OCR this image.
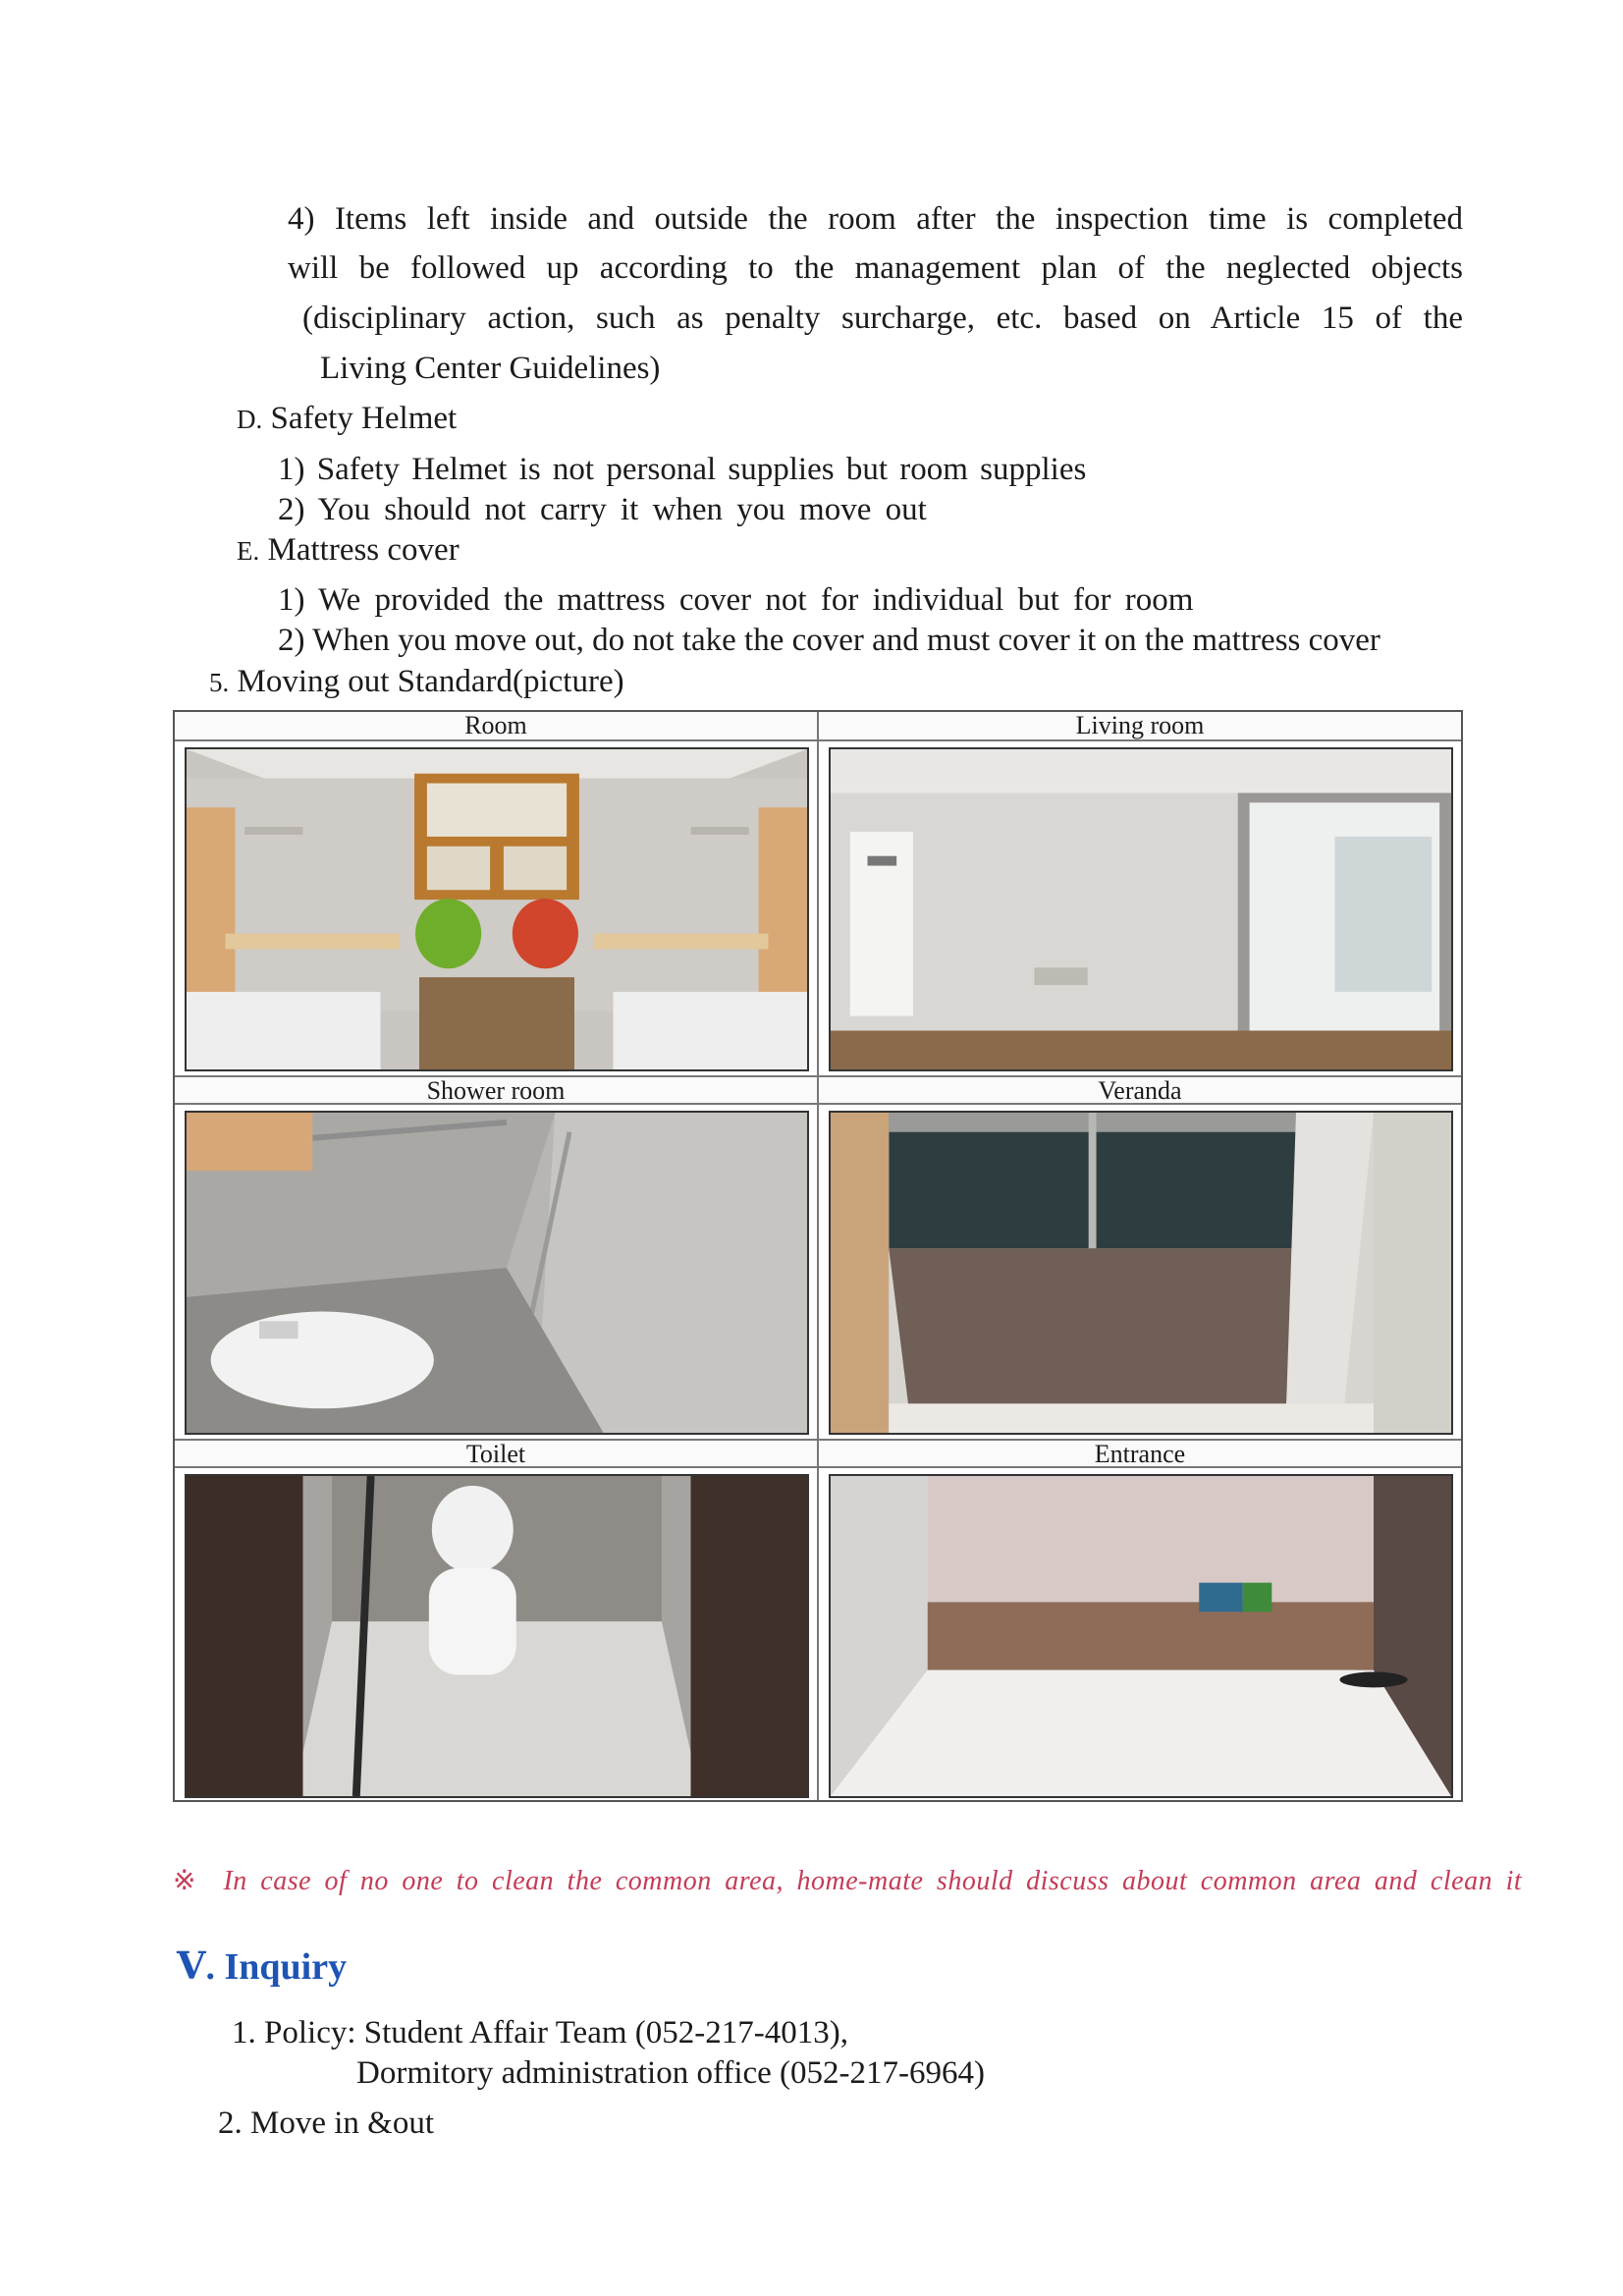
4) Items left inside and outside the room after the inspection time is completed
will be followed up according to the management plan of the neglected objects
(disciplinary action, such as penalty surcharge, etc. based on Article 15 of the
Living Center Guidelines)
D. Safety Helmet
1) Safety Helmet is not personal supplies but room supplies
2) You should not carry it when you move out
E. Mattress cover
1) We provided the mattress cover not for individual but for room
2) When you move out, do not take the cover and must cover it on the mattress cover
5. Moving out Standard(picture)
Room	Living room
Shower room	Veranda
Toilet	Entrance
※ In case of no one to clean the common area, home-mate should discuss about common area and clean it
Ⅴ. Inquiry
1. Policy: Student Affair Team (052-217-4013),
Dormitory administration office (052-217-6964)
2. Move in &out
